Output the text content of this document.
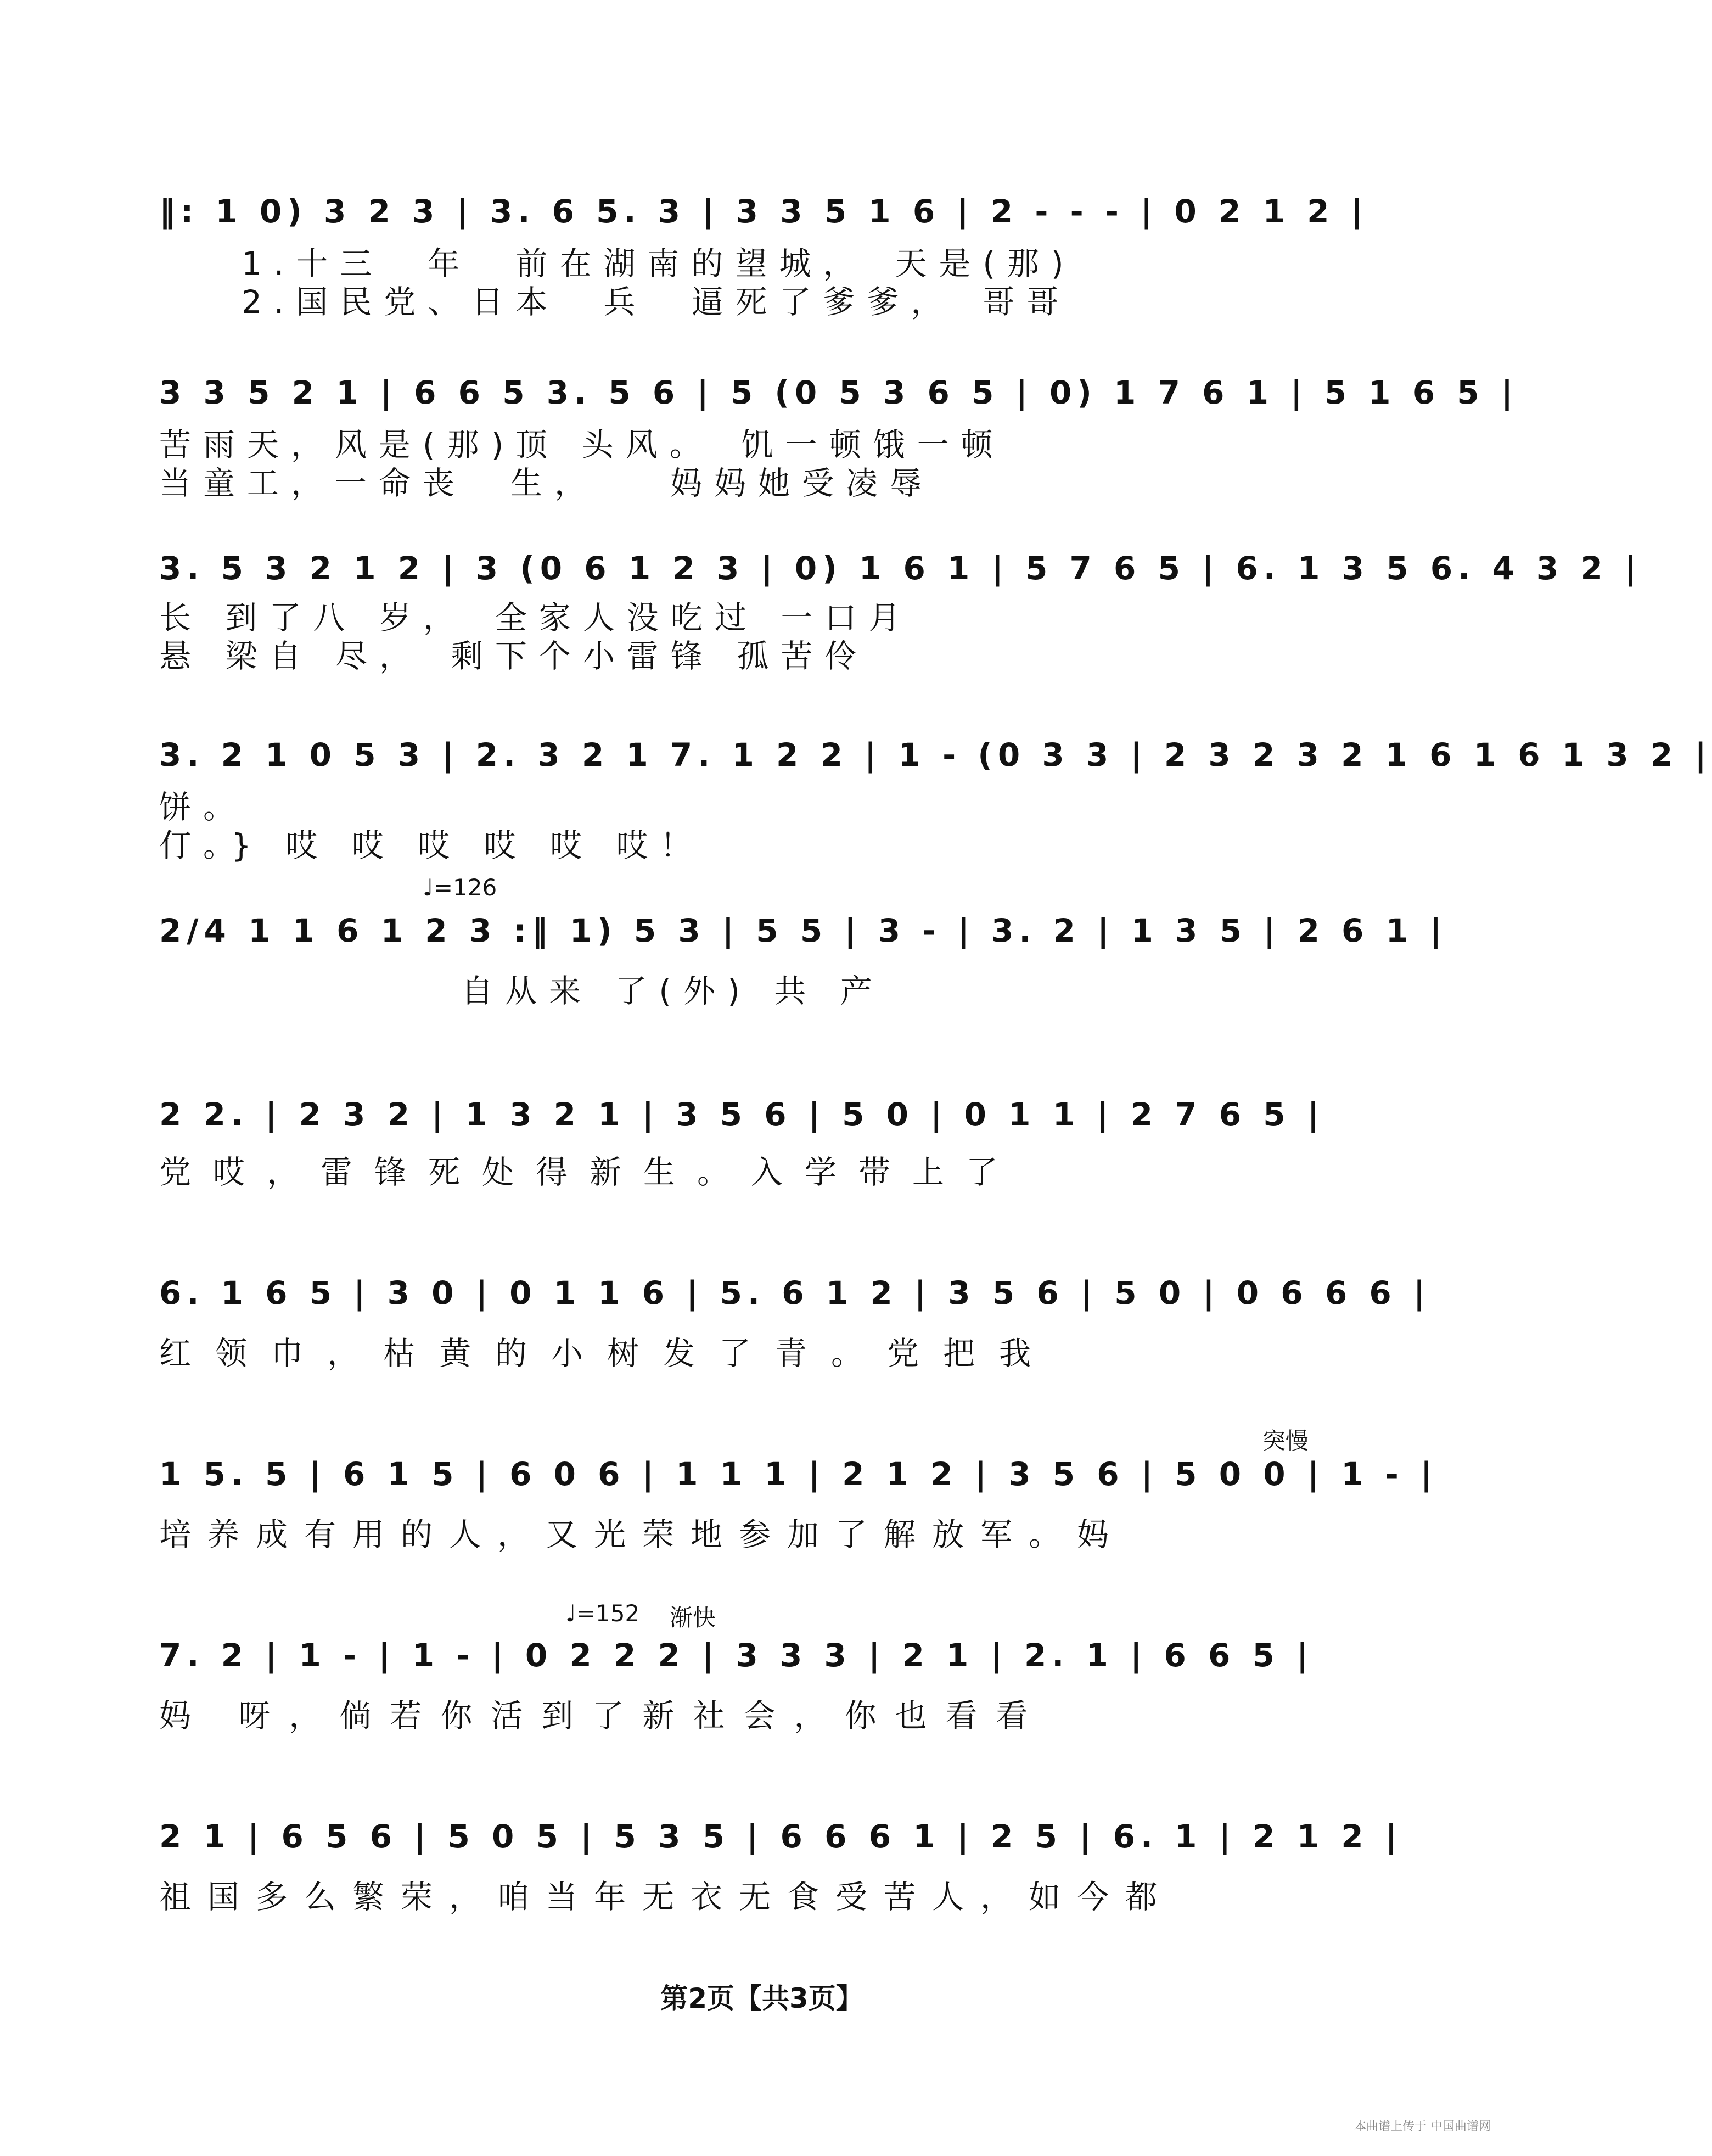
‖: 1 0) 3 2 3 | 3. 6 5. 3 | 3 3 5 1 6 | 2 - - - | 0 2 1 2 |
1.十三　年　前在湖南的望城，　天是(那)
2.国民党、日本　兵　逼死了爹爹，　哥哥
3 3 5 2 1 | 6 6 5 3. 5 6 | 5 (0 5 3 6 5 | 0) 1 7 6 1 | 5 1 6 5 |
苦雨天，风是(那)顶 头风。　饥一顿饿一顿
当童工，一命丧　生，　　妈妈她受凌辱
3. 5 3 2 1 2 | 3 (0 6 1 2 3 | 0) 1 6 1 | 5 7 6 5 | 6. 1 3 5 6. 4 3 2 |
长 到了八 岁，　全家人没吃过 一口月
悬 梁自 尽，　剩下个小雷锋 孤苦伶
3. 2 1 0 5 3 | 2. 3 2 1 7. 1 2 2 | 1 - (0 3 3 | 2 3 2 3 2 1 6 1 6 1 3 2 |
饼。
仃。} 哎 哎 哎 哎 哎 哎！
♩=126
2/4 1 1 6 1 2 3 :‖ 1) 5 3 | 5 5 | 3 - | 3. 2 | 1 3 5 | 2 6 1 |
自从来 了(外) 共 产
2 2. | 2 3 2 | 1 3 2 1 | 3 5 6 | 5 0 | 0 1 1 | 2 7 6 5 |
党哎，雷锋死处得新生。入学带上了
6. 1 6 5 | 3 0 | 0 1 1 6 | 5. 6 1 2 | 3 5 6 | 5 0 | 0 6 6 6 |
红领巾，枯黄的小树发了青。党把我
突慢
1 5. 5 | 6 1 5 | 6 0 6 | 1 1 1 | 2 1 2 | 3 5 6 | 5 0 0 | 1 - |
培养成有用的人，又光荣地参加了解放军。妈
♩=152 渐快
7. 2 | 1 - | 1 - | 0 2 2 2 | 3 3 3 | 2 1 | 2. 1 | 6 6 5 |
妈 呀，倘若你活到了新社会，你也看看
2 1 | 6 5 6 | 5 0 5 | 5 3 5 | 6 6 6 1 | 2 5 | 6. 1 | 2 1 2 |
祖国多么繁荣，咱当年无衣无食受苦人，如今都
第2页【共3页】
本曲谱上传于 中国曲谱网
